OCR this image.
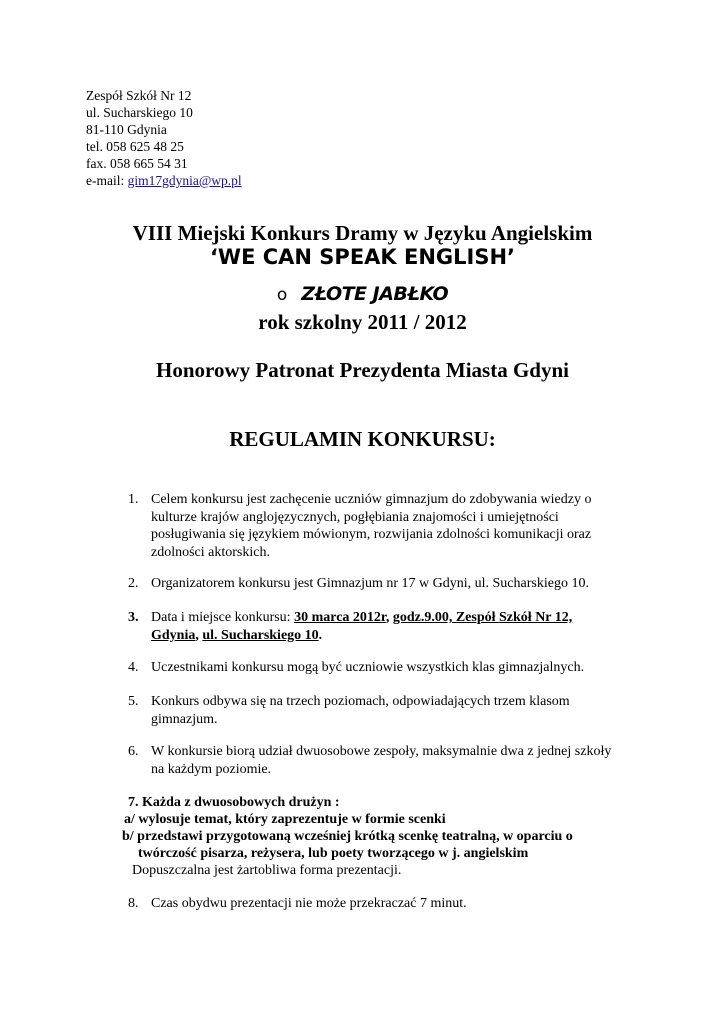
Zespół Szkół Nr 12
ul. Sucharskiego 10
81-110 Gdynia
tel. 058 625 48 25
fax. 058 665 54 31
e-mail: gim17gdynia@wp.pl
VIII Miejski Konkurs Dramy w Języku Angielskim
‘WE CAN SPEAK ENGLISH’
o ZŁOTE JABŁKO
rok szkolny 2011 / 2012
Honorowy Patronat Prezydenta Miasta Gdyni
REGULAMIN KONKURSU:
1. Celem konkursu jest zachęcenie uczniów gimnazjum do zdobywania wiedzy o
kulturze krajów anglojęzycznych, pogłębiania znajomości i umiejętności
posługiwania się językiem mówionym, rozwijania zdolności komunikacji oraz
zdolności aktorskich.
2. Organizatorem konkursu jest Gimnazjum nr 17 w Gdyni, ul. Sucharskiego 10.
3. Data i miejsce konkursu: 30 marca 2012r, godz.9.00, Zespół Szkół Nr 12,
Gdynia, ul. Sucharskiego 10.
4. Uczestnikami konkursu mogą być uczniowie wszystkich klas gimnazjalnych.
5. Konkurs odbywa się na trzech poziomach, odpowiadających trzem klasom
gimnazjum.
6. W konkursie biorą udział dwuosobowe zespoły, maksymalnie dwa z jednej szkoły
na każdym poziomie.
7. Każda z dwuosobowych drużyn :
a/ wylosuje temat, który zaprezentuje w formie scenki
b/ przedstawi przygotowaną wcześniej krótką scenkę teatralną, w oparciu o
twórczość pisarza, reżysera, lub poety tworzącego w j. angielskim
Dopuszczalna jest żartobliwa forma prezentacji.
8. Czas obydwu prezentacji nie może przekraczać 7 minut.
